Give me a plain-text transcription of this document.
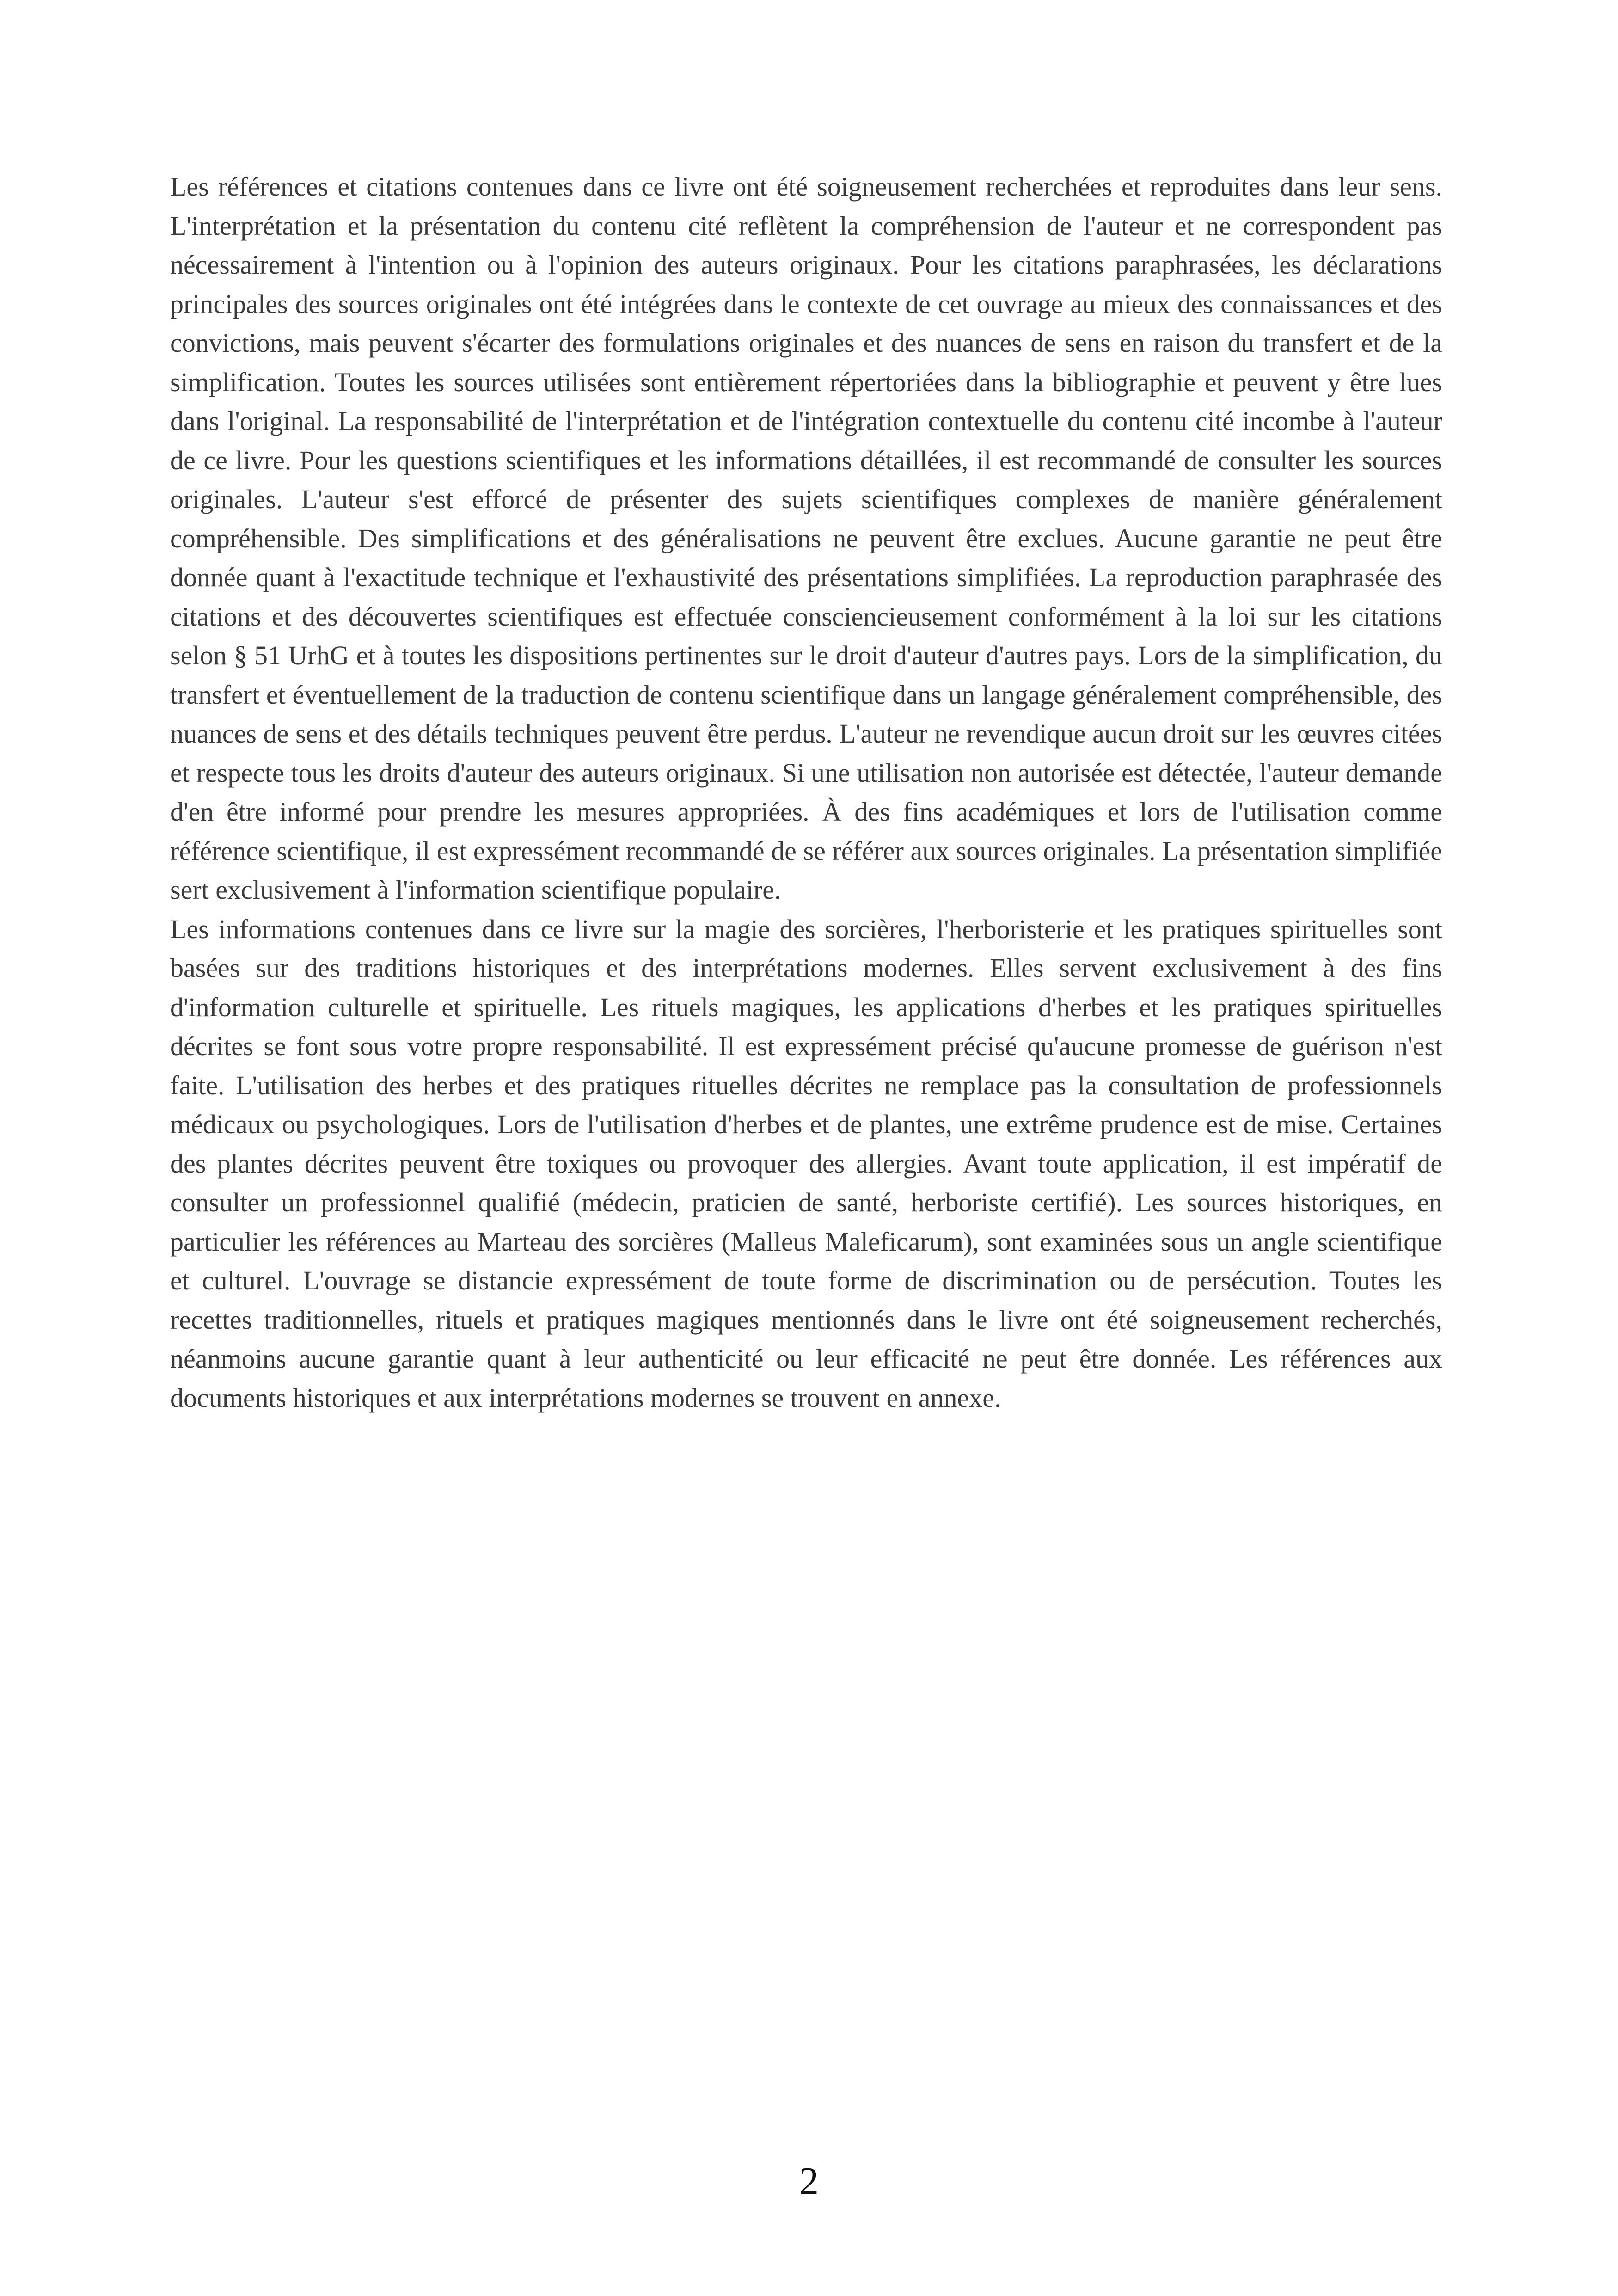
Les références et citations contenues dans ce livre ont été soigneusement recherchées et reproduites dans leur sens. L'interprétation et la présentation du contenu cité reflètent la compréhension de l'auteur et ne correspondent pas nécessairement à l'intention ou à l'opinion des auteurs originaux. Pour les citations paraphrasées, les déclarations principales des sources originales ont été intégrées dans le contexte de cet ouvrage au mieux des connaissances et des convictions, mais peuvent s'écarter des formulations originales et des nuances de sens en raison du transfert et de la simplification. Toutes les sources utilisées sont entièrement répertoriées dans la bibliographie et peuvent y être lues dans l'original. La responsabilité de l'interprétation et de l'intégration contextuelle du contenu cité incombe à l'auteur de ce livre. Pour les questions scientifiques et les informations détaillées, il est recommandé de consulter les sources originales. L'auteur s'est efforcé de présenter des sujets scientifiques complexes de manière généralement compréhensible. Des simplifications et des généralisations ne peuvent être exclues. Aucune garantie ne peut être donnée quant à l'exactitude technique et l'exhaustivité des présentations simplifiées. La reproduction paraphrasée des citations et des découvertes scientifiques est effectuée consciencieusement conformément à la loi sur les citations selon § 51 UrhG et à toutes les dispositions pertinentes sur le droit d'auteur d'autres pays. Lors de la simplification, du transfert et éventuellement de la traduction de contenu scientifique dans un langage généralement compréhensible, des nuances de sens et des détails techniques peuvent être perdus. L'auteur ne revendique aucun droit sur les œuvres citées et respecte tous les droits d'auteur des auteurs originaux. Si une utilisation non autorisée est détectée, l'auteur demande d'en être informé pour prendre les mesures appropriées. À des fins académiques et lors de l'utilisation comme référence scientifique, il est expressément recommandé de se référer aux sources originales. La présentation simplifiée sert exclusivement à l'information scientifique populaire.

Les informations contenues dans ce livre sur la magie des sorcières, l'herboristerie et les pratiques spirituelles sont basées sur des traditions historiques et des interprétations modernes. Elles servent exclusivement à des fins d'information culturelle et spirituelle. Les rituels magiques, les applications d'herbes et les pratiques spirituelles décrites se font sous votre propre responsabilité. Il est expressément précisé qu'aucune promesse de guérison n'est faite. L'utilisation des herbes et des pratiques rituelles décrites ne remplace pas la consultation de professionnels médicaux ou psychologiques. Lors de l'utilisation d'herbes et de plantes, une extrême prudence est de mise. Certaines des plantes décrites peuvent être toxiques ou provoquer des allergies. Avant toute application, il est impératif de consulter un professionnel qualifié (médecin, praticien de santé, herboriste certifié). Les sources historiques, en particulier les références au Marteau des sorcières (Malleus Maleficarum), sont examinées sous un angle scientifique et culturel. L'ouvrage se distancie expressément de toute forme de discrimination ou de persécution. Toutes les recettes traditionnelles, rituels et pratiques magiques mentionnés dans le livre ont été soigneusement recherchés, néanmoins aucune garantie quant à leur authenticité ou leur efficacité ne peut être donnée. Les références aux documents historiques et aux interprétations modernes se trouvent en annexe.

2
